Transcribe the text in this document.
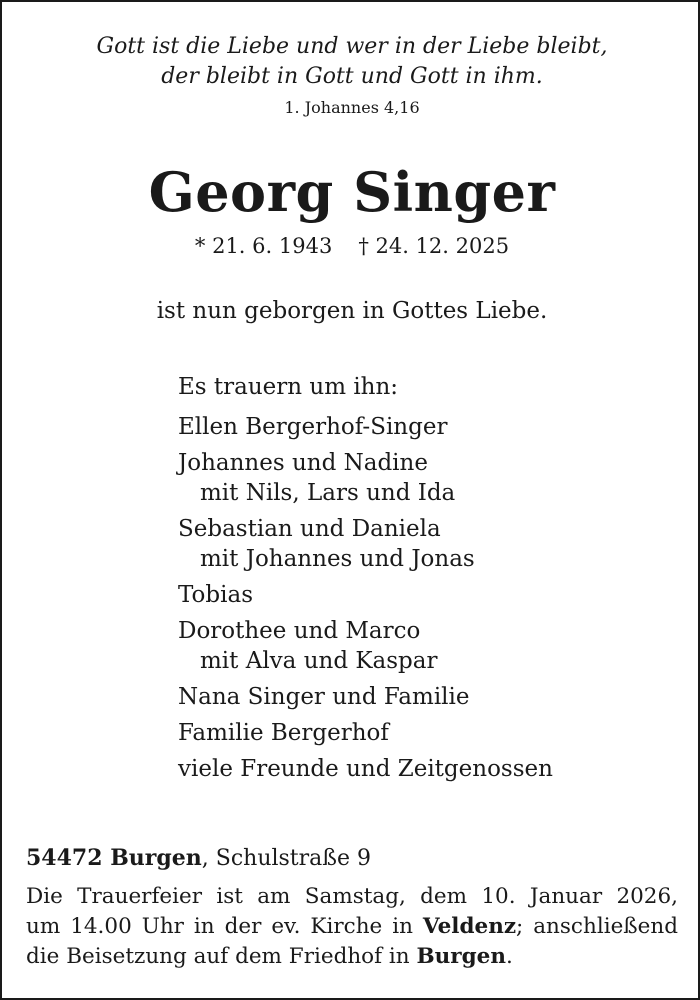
Gott ist die Liebe und wer in der Liebe bleibt,
der bleibt in Gott und Gott in ihm.
1. Johannes 4,16
Georg Singer
* 21. 6. 1943 † 24. 12. 2025
ist nun geborgen in Gottes Liebe.
Es trauern um ihn:
Ellen Bergerhof-Singer
Johannes und Nadine
mit Nils, Lars und Ida
Sebastian und Daniela
mit Johannes und Jonas
Tobias
Dorothee und Marco
mit Alva und Kaspar
Nana Singer und Familie
Familie Bergerhof
viele Freunde und Zeitgenossen
54472 Burgen, Schulstraße 9
Die Trauerfeier ist am Samstag, dem 10. Januar 2026,
um 14.00 Uhr in der ev. Kirche in Veldenz; anschließend
die Beisetzung auf dem Friedhof in Burgen.
